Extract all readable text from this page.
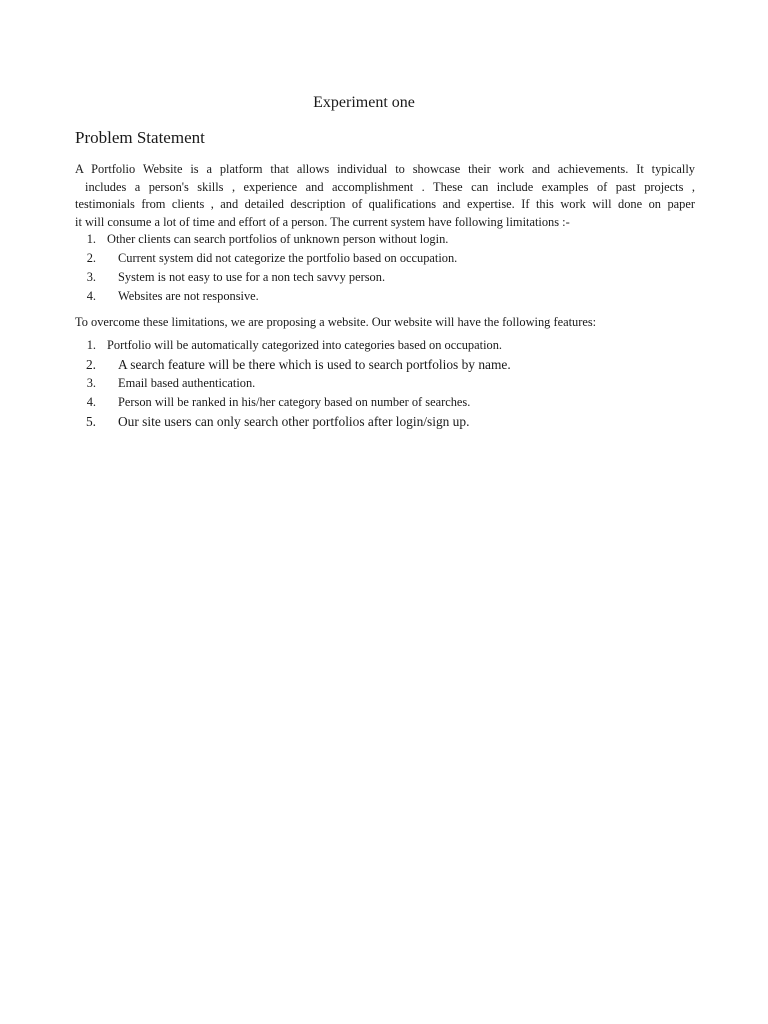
Experiment one
Problem Statement

A Portfolio Website is a platform that allows individual to showcase their work and achievements. It typically
includes a person's skills , experience and accomplishment . These can include examples of past projects ,
testimonials from clients , and detailed description of qualifications and expertise. If this work will done on paper
it will consume a lot of time and effort of a person. The current system have following limitations :-

1. Other clients can search portfolios of unknown person without login.
2. Current system did not categorize the portfolio based on occupation.
3. System is not easy to use for a non tech savvy person.
4. Websites are not responsive.

To overcome these limitations, we are proposing a website. Our website will have the following features:

1. Portfolio will be automatically categorized into categories based on occupation.
2. A search feature will be there which is used to search portfolios by name.
3. Email based authentication.
4. Person will be ranked in his/her category based on number of searches.
5. Our site users can only search other portfolios after login/sign up.
